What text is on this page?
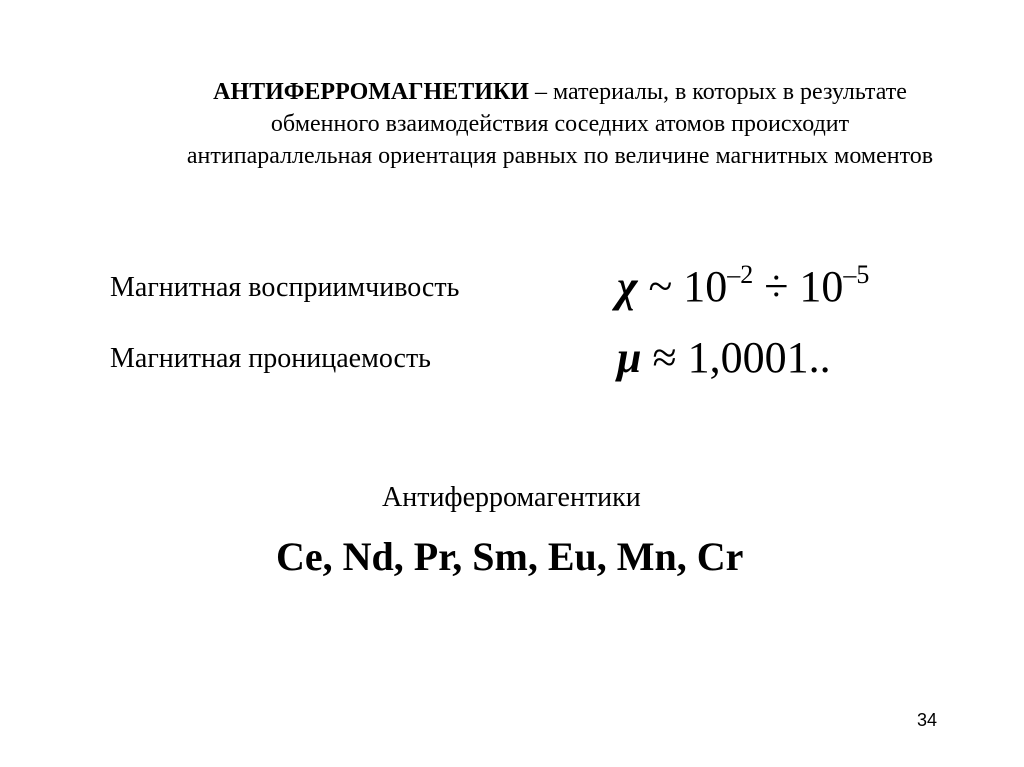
АНТИФЕРРОМАГНЕТИКИ – материалы, в которых в результате
обменного взаимодействия соседних атомов происходит
антипараллельная ориентация равных по величине магнитных моментов
Магнитная восприимчивость	χ ~ $10^{-2} \div 10^{-5}$
Магнитная проницаемость	μ ≈ 1,0001..
Антиферромагентики
Ce, Nd, Pr, Sm, Eu, Mn, Cr
34
